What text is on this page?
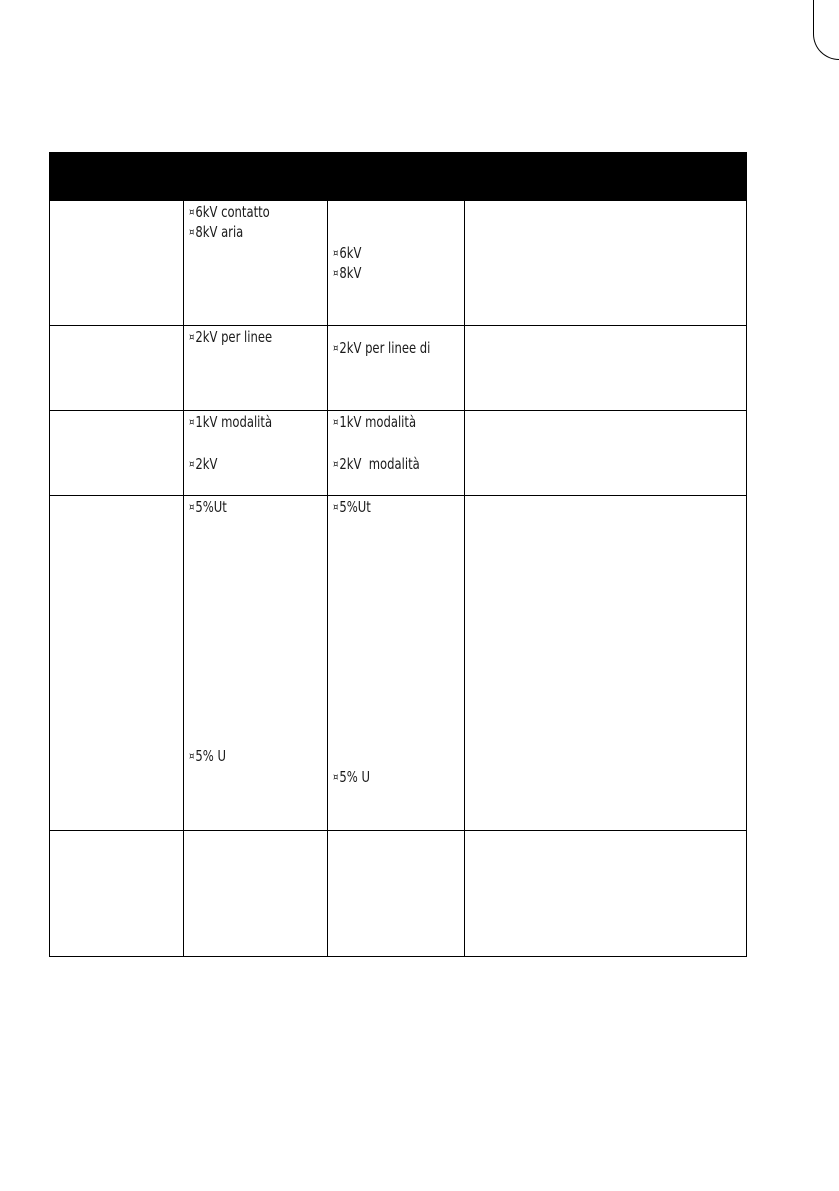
¤6kV contatto
¤8kV aria
¤6kV
¤8kV
¤2kV per linee
¤2kV per linee di
¤1kV modalità
¤2kV
¤1kV modalità
¤2kV  modalità
¤5%Ut
¤5% U
¤5%Ut
¤5% U
